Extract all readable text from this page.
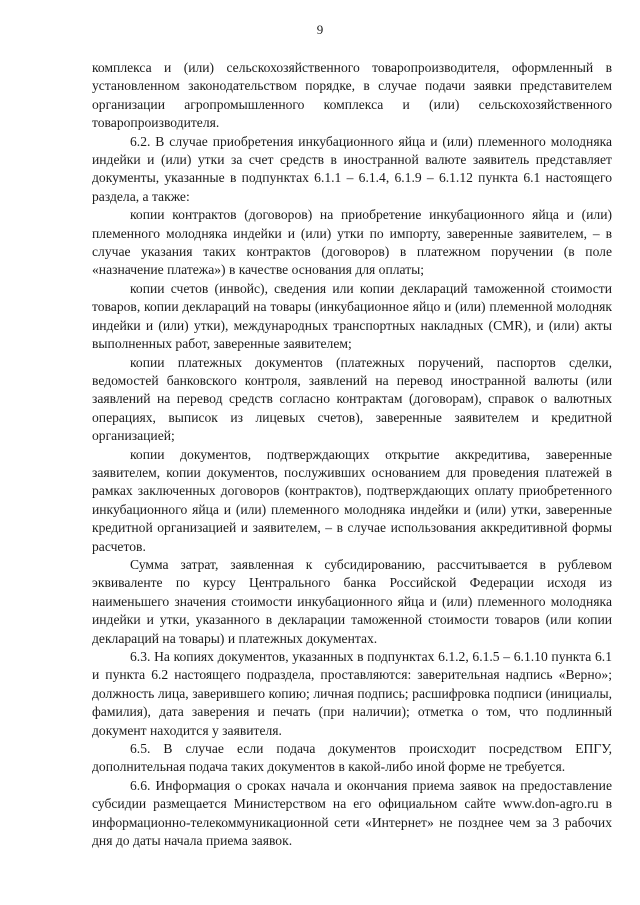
9

комплекса и (или) сельскохозяйственного товаропроизводителя, оформленный в установленном законодательством порядке, в случае подачи заявки представителем организации агропромышленного комплекса и (или) сельскохозяйственного товаропроизводителя.

6.2. В случае приобретения инкубационного яйца и (или) племенного молодняка индейки и (или) утки за счет средств в иностранной валюте заявитель представляет документы, указанные в подпунктах 6.1.1 – 6.1.4, 6.1.9 – 6.1.12 пункта 6.1 настоящего раздела, а также:

копии контрактов (договоров) на приобретение инкубационного яйца и (или) племенного молодняка индейки и (или) утки по импорту, заверенные заявителем, – в случае указания таких контрактов (договоров) в платежном поручении (в поле «назначение платежа») в качестве основания для оплаты;

копии счетов (инвойс), сведения или копии деклараций таможенной стоимости товаров, копии деклараций на товары (инкубационное яйцо и (или) племенной молодняк индейки и (или) утки), международных транспортных накладных (CMR), и (или) акты выполненных работ, заверенные заявителем;

копии платежных документов (платежных поручений, паспортов сделки, ведомостей банковского контроля, заявлений на перевод иностранной валюты (или заявлений на перевод средств согласно контрактам (договорам), справок о валютных операциях, выписок из лицевых счетов), заверенные заявителем и кредитной организацией;

копии документов, подтверждающих открытие аккредитива, заверенные заявителем, копии документов, послуживших основанием для проведения платежей в рамках заключенных договоров (контрактов), подтверждающих оплату приобретенного инкубационного яйца и (или) племенного молодняка индейки и (или) утки, заверенные кредитной организацией и заявителем, – в случае использования аккредитивной формы расчетов.

Сумма затрат, заявленная к субсидированию, рассчитывается в рублевом эквиваленте по курсу Центрального банка Российской Федерации исходя из наименьшего значения стоимости инкубационного яйца и (или) племенного молодняка индейки и утки, указанного в декларации таможенной стоимости товаров (или копии деклараций на товары) и платежных документах.

6.3. На копиях документов, указанных в подпунктах 6.1.2, 6.1.5 – 6.1.10 пункта 6.1 и пункта 6.2 настоящего подраздела, проставляются: заверительная надпись «Верно»; должность лица, заверившего копию; личная подпись; расшифровка подписи (инициалы, фамилия), дата заверения и печать (при наличии); отметка о том, что подлинный документ находится у заявителя.

6.5. В случае если подача документов происходит посредством ЕПГУ, дополнительная подача таких документов в какой-либо иной форме не требуется.

6.6. Информация о сроках начала и окончания приема заявок на предоставление субсидии размещается Министерством на его официальном сайте www.don-agro.ru в информационно-телекоммуникационной сети «Интернет» не позднее чем за 3 рабочих дня до даты начала приема заявок.
